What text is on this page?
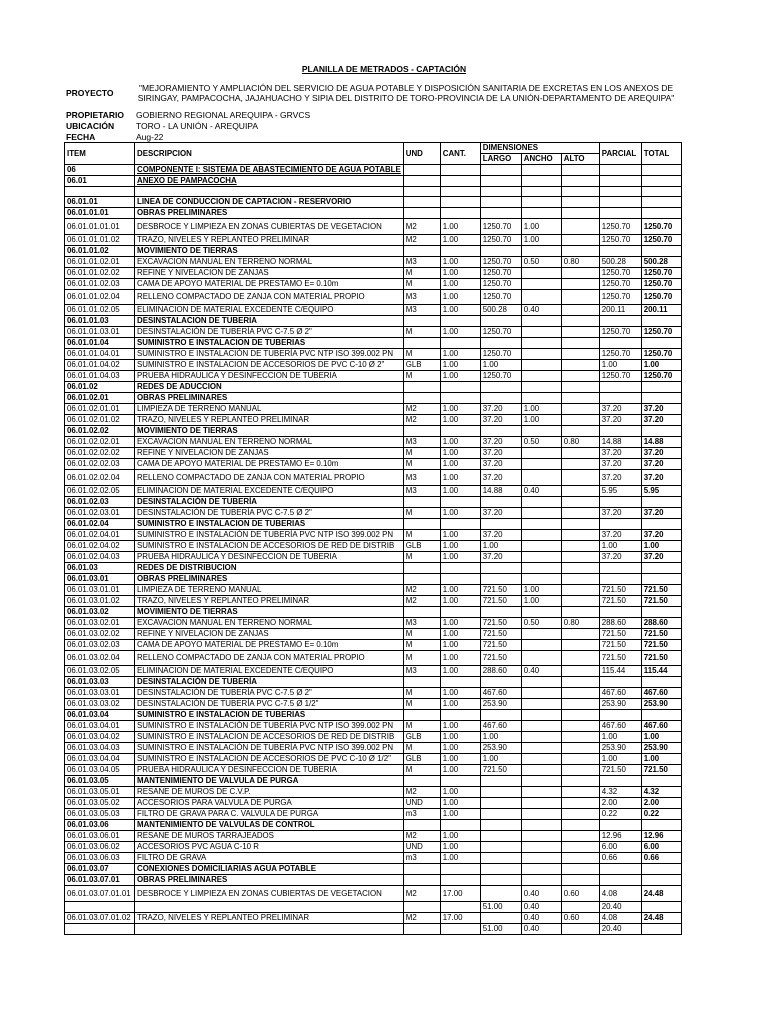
PLANILLA DE METRADOS - CAPTACIÓN
PROYECTO	"MEJORAMIENTO Y AMPLIACIÓN DEL SERVICIO DE AGUA POTABLE Y DISPOSICIÓN SANITARIA DE EXCRETAS EN LOS ANEXOS DE
SIRINGAY, PAMPACOCHA, JAJAHUACHO Y SIPIA DEL DISTRITO DE TORO-PROVINCIA DE LA UNIÓN-DEPARTAMENTO DE AREQUIPA"
PROPIETARIO	GOBIERNO REGIONAL AREQUIPA - GRVCS
UBICACIÓN	TORO - LA UNIÓN - AREQUIPA
FECHA	Aug-22
ITEM	DESCRIPCION	UND	CANT.	DIMENSIONES			PARCIAL	TOTAL
				LARGO	ANCHO	ALTO		
06	COMPONENTE I: SISTEMA DE ABASTECIMIENTO DE AGUA POTABLE							
06.01	ANEXO DE PAMPACOCHA							

06.01.01	LINEA DE CONDUCCION DE CAPTACION - RESERVORIO							
06.01.01.01	OBRAS PRELIMINARES							
06.01.01.01.01	DESBROCE Y LIMPIEZA EN ZONAS CUBIERTAS DE VEGETACION	M2	1.00	1250.70	1.00		1250.70	1250.70
06.01.01.01.02	TRAZO, NIVELES Y REPLANTEO PRELIMINAR	M2	1.00	1250.70	1.00		1250.70	1250.70
06.01.01.02	MOVIMIENTO DE TIERRAS							
06.01.01.02.01	EXCAVACION MANUAL EN TERRENO NORMAL	M3	1.00	1250.70	0.50	0.80	500.28	500.28
06.01.01.02.02	REFINE Y NIVELACION DE ZANJAS	M	1.00	1250.70			1250.70	1250.70
06.01.01.02.03	CAMA DE APOYO MATERIAL DE PRESTAMO E= 0.10m	M	1.00	1250.70			1250.70	1250.70
06.01.01.02.04	RELLENO COMPACTADO DE ZANJA CON MATERIAL PROPIO	M3	1.00	1250.70			1250.70	1250.70
06.01.01.02.05	ELIMINACION DE MATERIAL EXCEDENTE C/EQUIPO	M3	1.00	500.28	0.40		200.11	200.11
06.01.01.03	DESINSTALACION DE TUBERIA							
06.01.01.03.01	DESINSTALACIÓN DE TUBERÍA PVC C-7.5 Ø 2"	M	1.00	1250.70			1250.70	1250.70
06.01.01.04	SUMINISTRO E INSTALACION DE TUBERIAS							
06.01.01.04.01	SUMINISTRO E INSTALACIÓN DE TUBERÍA PVC NTP ISO 399.002 PN	M	1.00	1250.70			1250.70	1250.70
06.01.01.04.02	SUMINISTRO E INSTALACION DE ACCESORIOS DE PVC C-10 Ø 2"	GLB	1.00	1.00			1.00	1.00
06.01.01.04.03	PRUEBA HIDRAULICA Y DESINFECCION DE TUBERIA	M	1.00	1250.70			1250.70	1250.70
06.01.02	REDES DE ADUCCION							
06.01.02.01	OBRAS PRELIMINARES							
06.01.02.01.01	LIMPIEZA DE TERRENO MANUAL	M2	1.00	37.20	1.00		37.20	37.20
06.01.02.01.02	TRAZO, NIVELES Y REPLANTEO PRELIMINAR	M2	1.00	37.20	1.00		37.20	37.20
06.01.02.02	MOVIMIENTO DE TIERRAS							
06.01.02.02.01	EXCAVACION MANUAL EN TERRENO NORMAL	M3	1.00	37.20	0.50	0.80	14.88	14.88
06.01.02.02.02	REFINE Y NIVELACION DE ZANJAS	M	1.00	37.20			37.20	37.20
06.01.02.02.03	CAMA DE APOYO MATERIAL DE PRESTAMO E= 0.10m	M	1.00	37.20			37.20	37.20
06.01.02.02.04	RELLENO COMPACTADO DE ZANJA CON MATERIAL PROPIO	M3	1.00	37.20			37.20	37.20
06.01.02.02.05	ELIMINACION DE MATERIAL EXCEDENTE C/EQUIPO	M3	1.00	14.88	0.40		5.95	5.95
06.01.02.03	DESINSTALACIÓN DE TUBERÍA							
06.01.02.03.01	DESINSTALACIÓN DE TUBERÍA PVC C-7.5 Ø 2"	M	1.00	37.20			37.20	37.20
06.01.02.04	SUMINISTRO E INSTALACION DE TUBERIAS							
06.01.02.04.01	SUMINISTRO E INSTALACIÓN DE TUBERÍA PVC NTP ISO 399.002 PN	M	1.00	37.20			37.20	37.20
06.01.02.04.02	SUMINISTRO E INSTALACION DE ACCESORIOS DE RED DE DISTRIB	GLB	1.00	1.00			1.00	1.00
06.01.02.04.03	PRUEBA HIDRAULICA Y DESINFECCION DE TUBERIA	M	1.00	37.20			37.20	37.20
06.01.03	REDES DE DISTRIBUCION							
06.01.03.01	OBRAS PRELIMINARES							
06.01.03.01.01	LIMPIEZA DE TERRENO MANUAL	M2	1.00	721.50	1.00		721.50	721.50
06.01.03.01.02	TRAZO, NIVELES Y REPLANTEO PRELIMINAR	M2	1.00	721.50	1.00		721.50	721.50
06.01.03.02	MOVIMIENTO DE TIERRAS							
06.01.03.02.01	EXCAVACION MANUAL EN TERRENO NORMAL	M3	1.00	721.50	0.50	0.80	288.60	288.60
06.01.03.02.02	REFINE Y NIVELACION DE ZANJAS	M	1.00	721.50			721.50	721.50
06.01.03.02.03	CAMA DE APOYO MATERIAL DE PRESTAMO E= 0.10m	M	1.00	721.50			721.50	721.50
06.01.03.02.04	RELLENO COMPACTADO DE ZANJA CON MATERIAL PROPIO	M	1.00	721.50			721.50	721.50
06.01.03.02.05	ELIMINACION DE MATERIAL EXCEDENTE C/EQUIPO	M3	1.00	288.60	0.40		115.44	115.44
06.01.03.03	DESINSTALACIÓN DE TUBERÍA							
06.01.03.03.01	DESINSTALACIÓN DE TUBERÍA PVC C-7.5 Ø 2"	M	1.00	467.60			467.60	467.60
06.01.03.03.02	DESINSTALACIÓN DE TUBERÍA PVC C-7.5 Ø 1/2"	M	1.00	253.90			253.90	253.90
06.01.03.04	SUMINISTRO E INSTALACION DE TUBERIAS							
06.01.03.04.01	SUMINISTRO E INSTALACIÓN DE TUBERÍA PVC NTP ISO 399.002 PN	M	1.00	467.60			467.60	467.60
06.01.03.04.02	SUMINISTRO E INSTALACION DE ACCESORIOS DE RED DE DISTRIB	GLB	1.00	1.00			1.00	1.00
06.01.03.04.03	SUMINISTRO E INSTALACIÓN DE TUBERÍA PVC NTP ISO 399.002 PN	M	1.00	253.90			253.90	253.90
06.01.03.04.04	SUMINISTRO E INSTALACION DE ACCESORIOS DE PVC C-10 Ø 1/2"	GLB	1.00	1.00			1.00	1.00
06.01.03.04.05	PRUEBA HIDRAULICA Y DESINFECCION DE TUBERIA	M	1.00	721.50			721.50	721.50
06.01.03.05	MANTENIMIENTO DE VALVULA DE PURGA							
06.01.03.05.01	RESANE DE MUROS DE C.V.P.	M2	1.00				4.32	4.32
06.01.03.05.02	ACCESORIOS PARA VALVULA DE PURGA	UND	1.00				2.00	2.00
06.01.03.05.03	FILTRO DE GRAVA PARA C. VALVULA DE PURGA	m3	1.00				0.22	0.22
06.01.03.06	MANTENIMIENTO DE VALVULAS DE CONTROL							
06.01.03.06.01	RESANE DE MUROS TARRAJEADOS	M2	1.00				12.96	12.96
06.01.03.06.02	ACCESORIOS PVC AGUA C-10 R	UND	1.00				6.00	6.00
06.01.03.06.03	FILTRO DE GRAVA	m3	1.00				0.66	0.66
06.01.03.07	CONEXIONES DOMICILIARIAS AGUA POTABLE							
06.01.03.07.01	OBRAS PRELIMINARES							
06.01.03.07.01.01	DESBROCE Y LIMPIEZA EN ZONAS CUBIERTAS DE VEGETACION	M2	17.00		0.40	0.60	4.08	24.48
				51.00	0.40		20.40	
06.01.03.07.01.02	TRAZO, NIVELES Y REPLANTEO PRELIMINAR	M2	17.00		0.40	0.60	4.08	24.48
				51.00	0.40		20.40	
